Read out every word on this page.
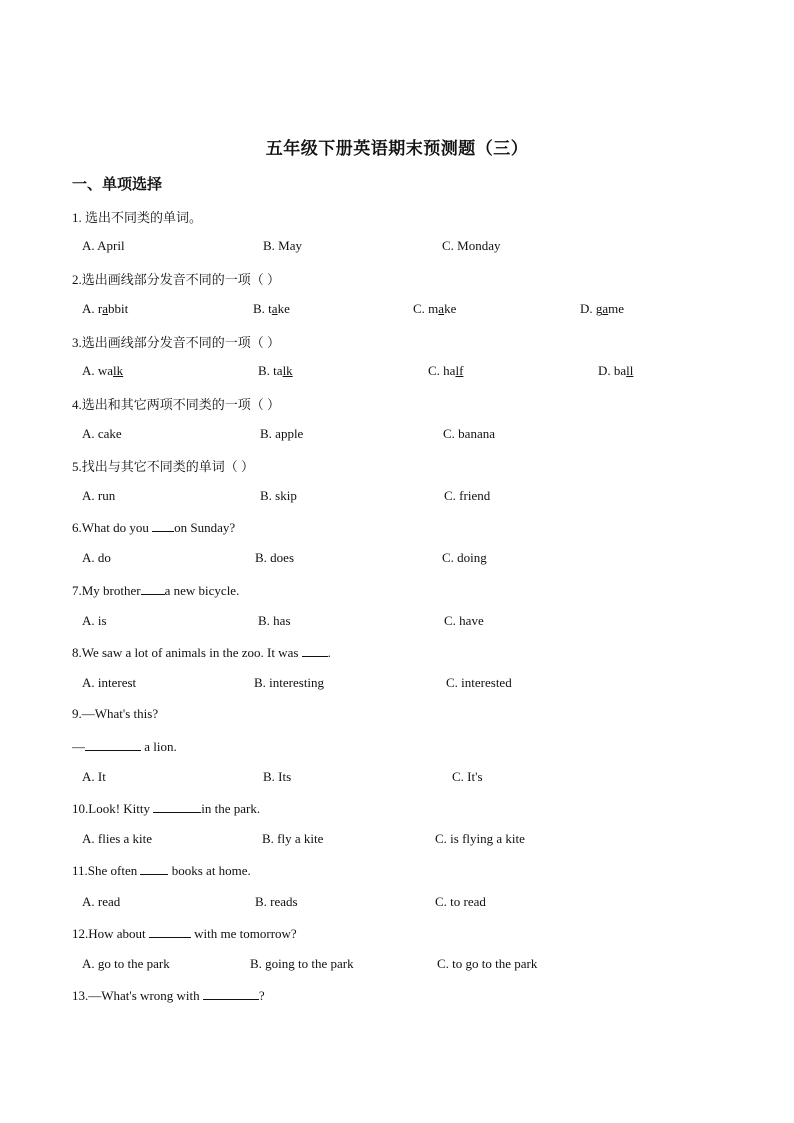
五年级下册英语期末预测题（三）
一、单项选择
1. 选出不同类的单词。
A. April	B. May	C. Monday
2.选出画线部分发音不同的一项（ ）
A. rabbit	B. take	C. make	D. game
3.选出画线部分发音不同的一项（ ）
A. walk	B. talk	C. half	D. ball
4.选出和其它两项不同类的一项（ ）
A. cake	B. apple	C. banana
5.找出与其它不同类的单词（ ）
A. run	B. skip	C. friend
6.What do you on Sunday?
A. do	B. does	C. doing
7.My brother a new bicycle.
A. is	B. has	C. have
8.We saw a lot of animals in the zoo. It was .
A. interest	B. interesting	C. interested
9.—What's this?
—	a lion.
A. It	B. Its	C. It's
10.Look! Kitty	in the park.
A. flies a kite	B. fly a kite	C. is flying a kite
11.She often  books at home.
A. read	B. reads	C. to read
12.How about	with me tomorrow?
A. go to the park	B. going to the park	C. to go to the park
13.—What's wrong with	?
